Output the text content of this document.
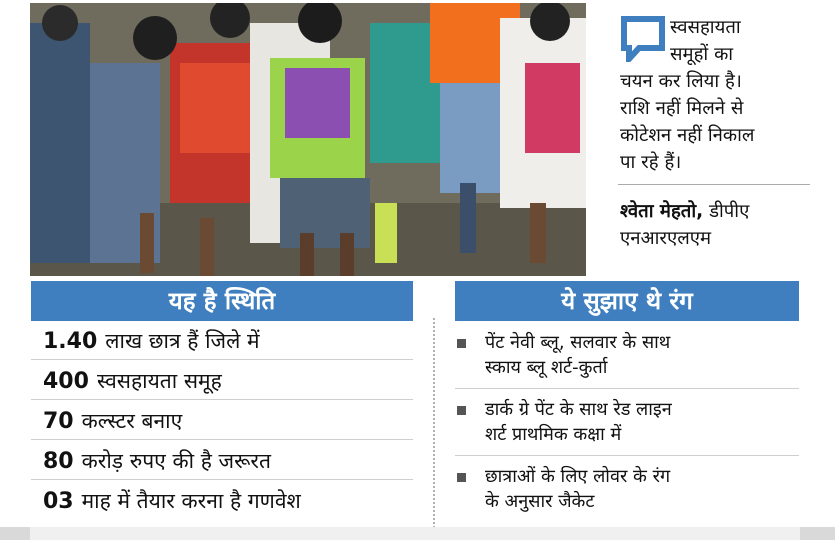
स्वसहायता
समूहों का
चयन कर लिया है।
राशि नहीं मिलने से
कोटेशन नहीं निकाल
पा रहे हैं।
श्वेता मेहतो, डीपीए
एनआरएलएम
यह है स्थिति
1.40 लाख छात्र हैं जिले में
400 स्वसहायता समूह
70 कल्स्टर बनाए
80 करोड़ रुपए की है जरूरत
03 माह में तैयार करना है गणवेश
ये सुझाए थे रंग
पेंट नेवी ब्लू, सलवार के साथ
स्काय ब्लू शर्ट-कुर्ता
डार्क ग्रे पेंट के साथ रेड लाइन
शर्ट प्राथमिक कक्षा में
छात्राओं के लिए लोवर के रंग
के अनुसार जैकेट
